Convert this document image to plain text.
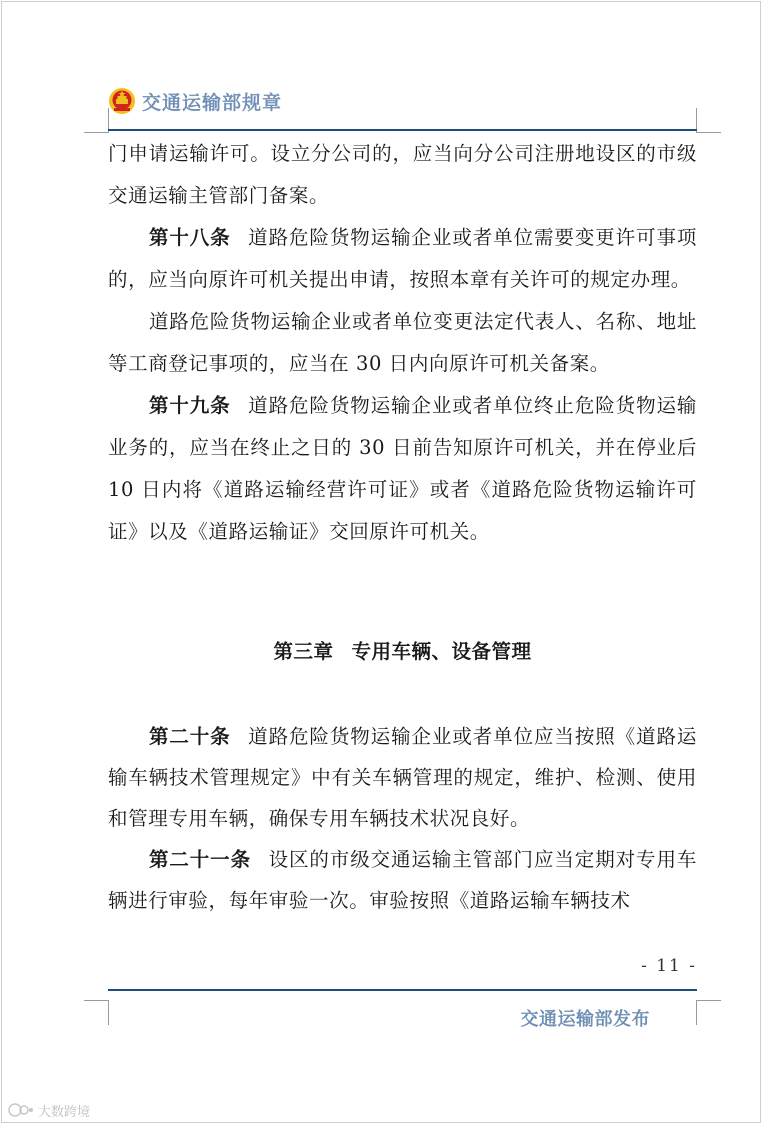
交通运输部规章

门申请运输许可。设立分公司的，应当向分公司注册地设区的市级交通运输主管部门备案。

第十八条 道路危险货物运输企业或者单位需要变更许可事项的，应当向原许可机关提出申请，按照本章有关许可的规定办理。

道路危险货物运输企业或者单位变更法定代表人、名称、地址等工商登记事项的，应当在 30 日内向原许可机关备案。

第十九条 道路危险货物运输企业或者单位终止危险货物运输业务的，应当在终止之日的 30 日前告知原许可机关，并在停业后 10 日内将《道路运输经营许可证》或者《道路危险货物运输许可证》以及《道路运输证》交回原许可机关。

第三章 专用车辆、设备管理

第二十条 道路危险货物运输企业或者单位应当按照《道路运输车辆技术管理规定》中有关车辆管理的规定，维护、检测、使用和管理专用车辆，确保专用车辆技术状况良好。

第二十一条 设区的市级交通运输主管部门应当定期对专用车辆进行审验，每年审验一次。审验按照《道路运输车辆技术

- 11 -
交通运输部发布
大数跨境
